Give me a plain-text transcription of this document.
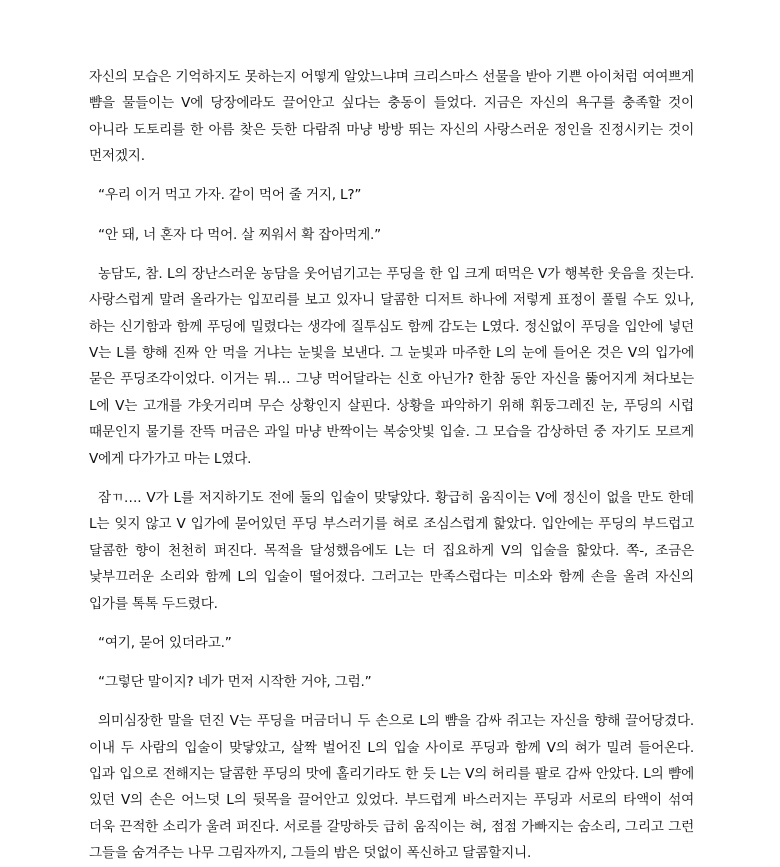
자신의 모습은 기억하지도 못하는지 어떻게 알았느냐며 크리스마스 선물을 받아 기쁜 아이처럼 여여쁘게 뺨을 물들이는 V에 당장에라도 끌어안고 싶다는 충동이 들었다. 지금은 자신의 욕구를 충족할 것이 아니라 도토리를 한 아름 찾은 듯한 다람쥐 마냥 방방 뛰는 자신의 사랑스러운 정인을 진정시키는 것이 먼저겠지.

“우리 이거 먹고 가자. 같이 먹어 줄 거지, L?”

“안 돼, 너 혼자 다 먹어. 살 찌워서 확 잡아먹게.”

농담도, 참. L의 장난스러운 농담을 웃어넘기고는 푸딩을 한 입 크게 떠먹은 V가 행복한 웃음을 짓는다. 사랑스럽게 말려 올라가는 입꼬리를 보고 있자니 달콤한 디저트 하나에 저렇게 표정이 풀릴 수도 있나, 하는 신기함과 함께 푸딩에 밀렸다는 생각에 질투심도 함께 감도는 L였다. 정신없이 푸딩을 입안에 넣던 V는 L를 향해 진짜 안 먹을 거냐는 눈빛을 보낸다. 그 눈빛과 마주한 L의 눈에 들어온 것은 V의 입가에 묻은 푸딩조각이었다. 이거는 뭐… 그냥 먹어달라는 신호 아닌가? 한참 동안 자신을 뚫어지게 쳐다보는 L에 V는 고개를 갸웃거리며 무슨 상황인지 살핀다. 상황을 파악하기 위해 휘둥그레진 눈, 푸딩의 시럽 때문인지 물기를 잔뜩 머금은 과일 마냥 반짝이는 복숭앗빛 입술. 그 모습을 감상하던 중 자기도 모르게 V에게 다가가고 마는 L였다.

잠ㄲ…. V가 L를 저지하기도 전에 둘의 입술이 맞닿았다. 황급히 움직이는 V에 정신이 없을 만도 한데 L는 잊지 않고 V 입가에 묻어있던 푸딩 부스러기를 혀로 조심스럽게 핥았다. 입안에는 푸딩의 부드럽고 달콤한 향이 천천히 퍼진다. 목적을 달성했음에도 L는 더 집요하게 V의 입술을 핥았다. 쪽-, 조금은 낯부끄러운 소리와 함께 L의 입술이 떨어졌다. 그러고는 만족스럽다는 미소와 함께 손을 올려 자신의 입가를 톡톡 두드렸다.

“여기, 묻어 있더라고.”

“그렇단 말이지? 네가 먼저 시작한 거야, 그럼.”

의미심장한 말을 던진 V는 푸딩을 머금더니 두 손으로 L의 뺨을 감싸 쥐고는 자신을 향해 끌어당겼다. 이내 두 사람의 입술이 맞닿았고, 살짝 벌어진 L의 입술 사이로 푸딩과 함께 V의 혀가 밀려 들어온다. 입과 입으로 전해지는 달콤한 푸딩의 맛에 홀리기라도 한 듯 L는 V의 허리를 팔로 감싸 안았다. L의 뺨에 있던 V의 손은 어느덧 L의 뒷목을 끌어안고 있었다. 부드럽게 바스러지는 푸딩과 서로의 타액이 섞여 더욱 끈적한 소리가 울려 퍼진다. 서로를 갈망하듯 급히 움직이는 혀, 점점 가빠지는 숨소리, 그리고 그런 그들을 숨겨주는 나무 그림자까지, 그들의 밤은 덧없이 폭신하고 달콤할지니.
